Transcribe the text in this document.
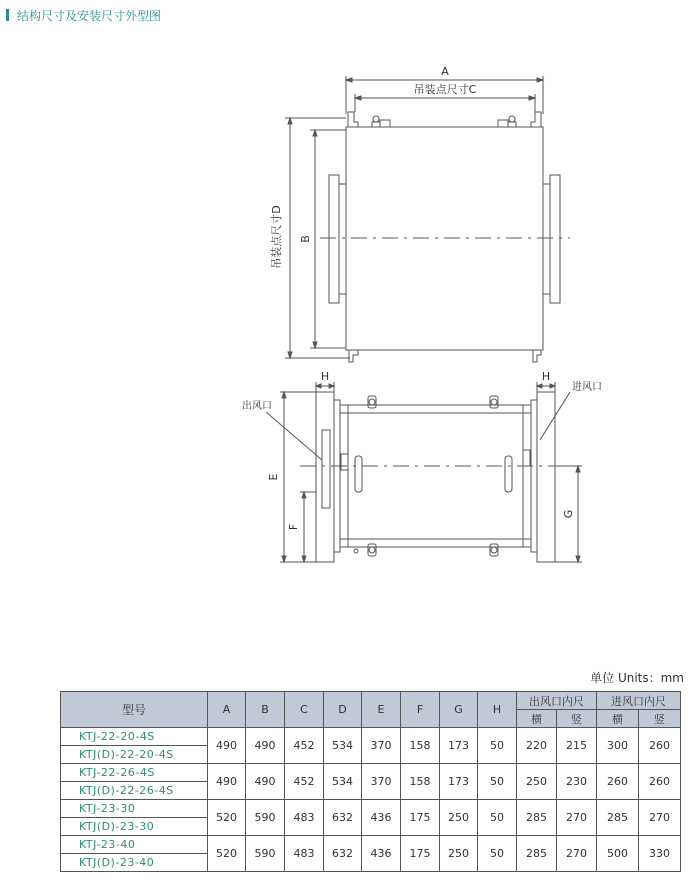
结构尺寸及安装尺寸外型图
A
吊装点尺寸C
B
吊装点尺寸D
H	H
出风口
进风口
E
F
G
单位 Units：mm
型号	A	B	C	D	E	F	G	H	出风口内尺		进风口内尺	
									横	竖	横	竖
KTJ-22-20-4S	490	490	452	534	370	158	173	50	220	215	300	260
KTJ(D)-22-20-4S												
KTJ-22-26-4S	490	490	452	534	370	158	173	50	250	230	260	260
KTJ(D)-22-26-4S												
KTJ-23-30	520	590	483	632	436	175	250	50	285	270	285	270
KTJ(D)-23-30												
KTJ-23-40	520	590	483	632	436	175	250	50	285	270	500	330
KTJ(D)-23-40												
